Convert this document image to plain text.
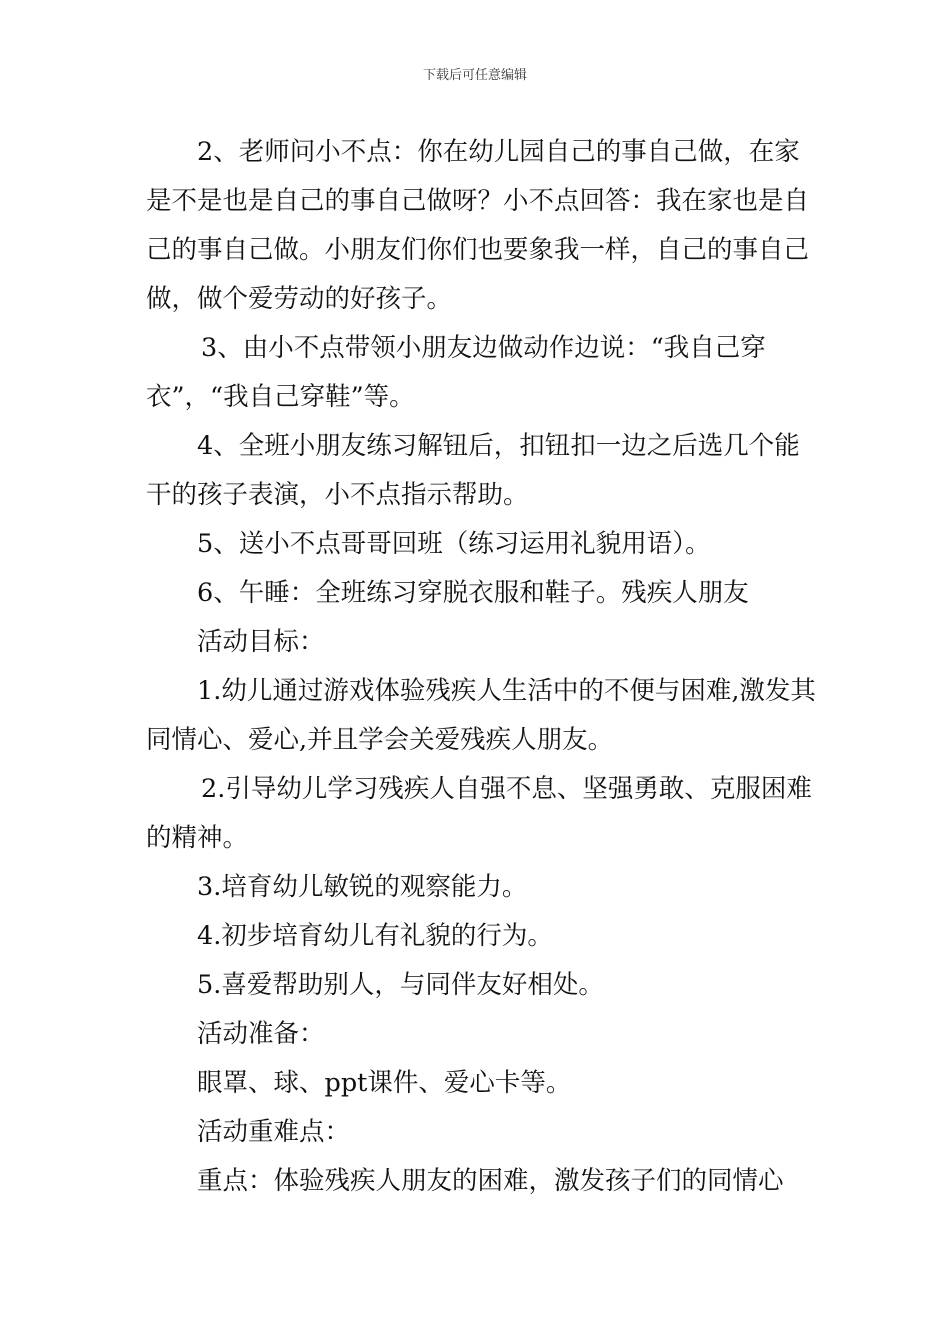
下载后可任意编辑

2、老师问小不点：你在幼儿园自己的事自己做，在家是不是也是自己的事自己做呀？小不点回答：我在家也是自己的事自己做。小朋友们你们也要象我一样，自己的事自己做，做个爱劳动的好孩子。

3、由小不点带领小朋友边做动作边说：“我自己穿衣”，“我自己穿鞋”等。

4、全班小朋友练习解钮后，扣钮扣一边之后选几个能干的孩子表演，小不点指示帮助。

5、送小不点哥哥回班（练习运用礼貌用语）。

6、午睡：全班练习穿脱衣服和鞋子。残疾人朋友

活动目标：

1.幼儿通过游戏体验残疾人生活中的不便与困难,激发其同情心、爱心,并且学会关爱残疾人朋友。

2.引导幼儿学习残疾人自强不息、坚强勇敢、克服困难的精神。

3.培育幼儿敏锐的观察能力。

4.初步培育幼儿有礼貌的行为。

5.喜爱帮助别人，与同伴友好相处。

活动准备：

眼罩、球、ppt课件、爱心卡等。

活动重难点：

重点：体验残疾人朋友的困难，激发孩子们的同情心
